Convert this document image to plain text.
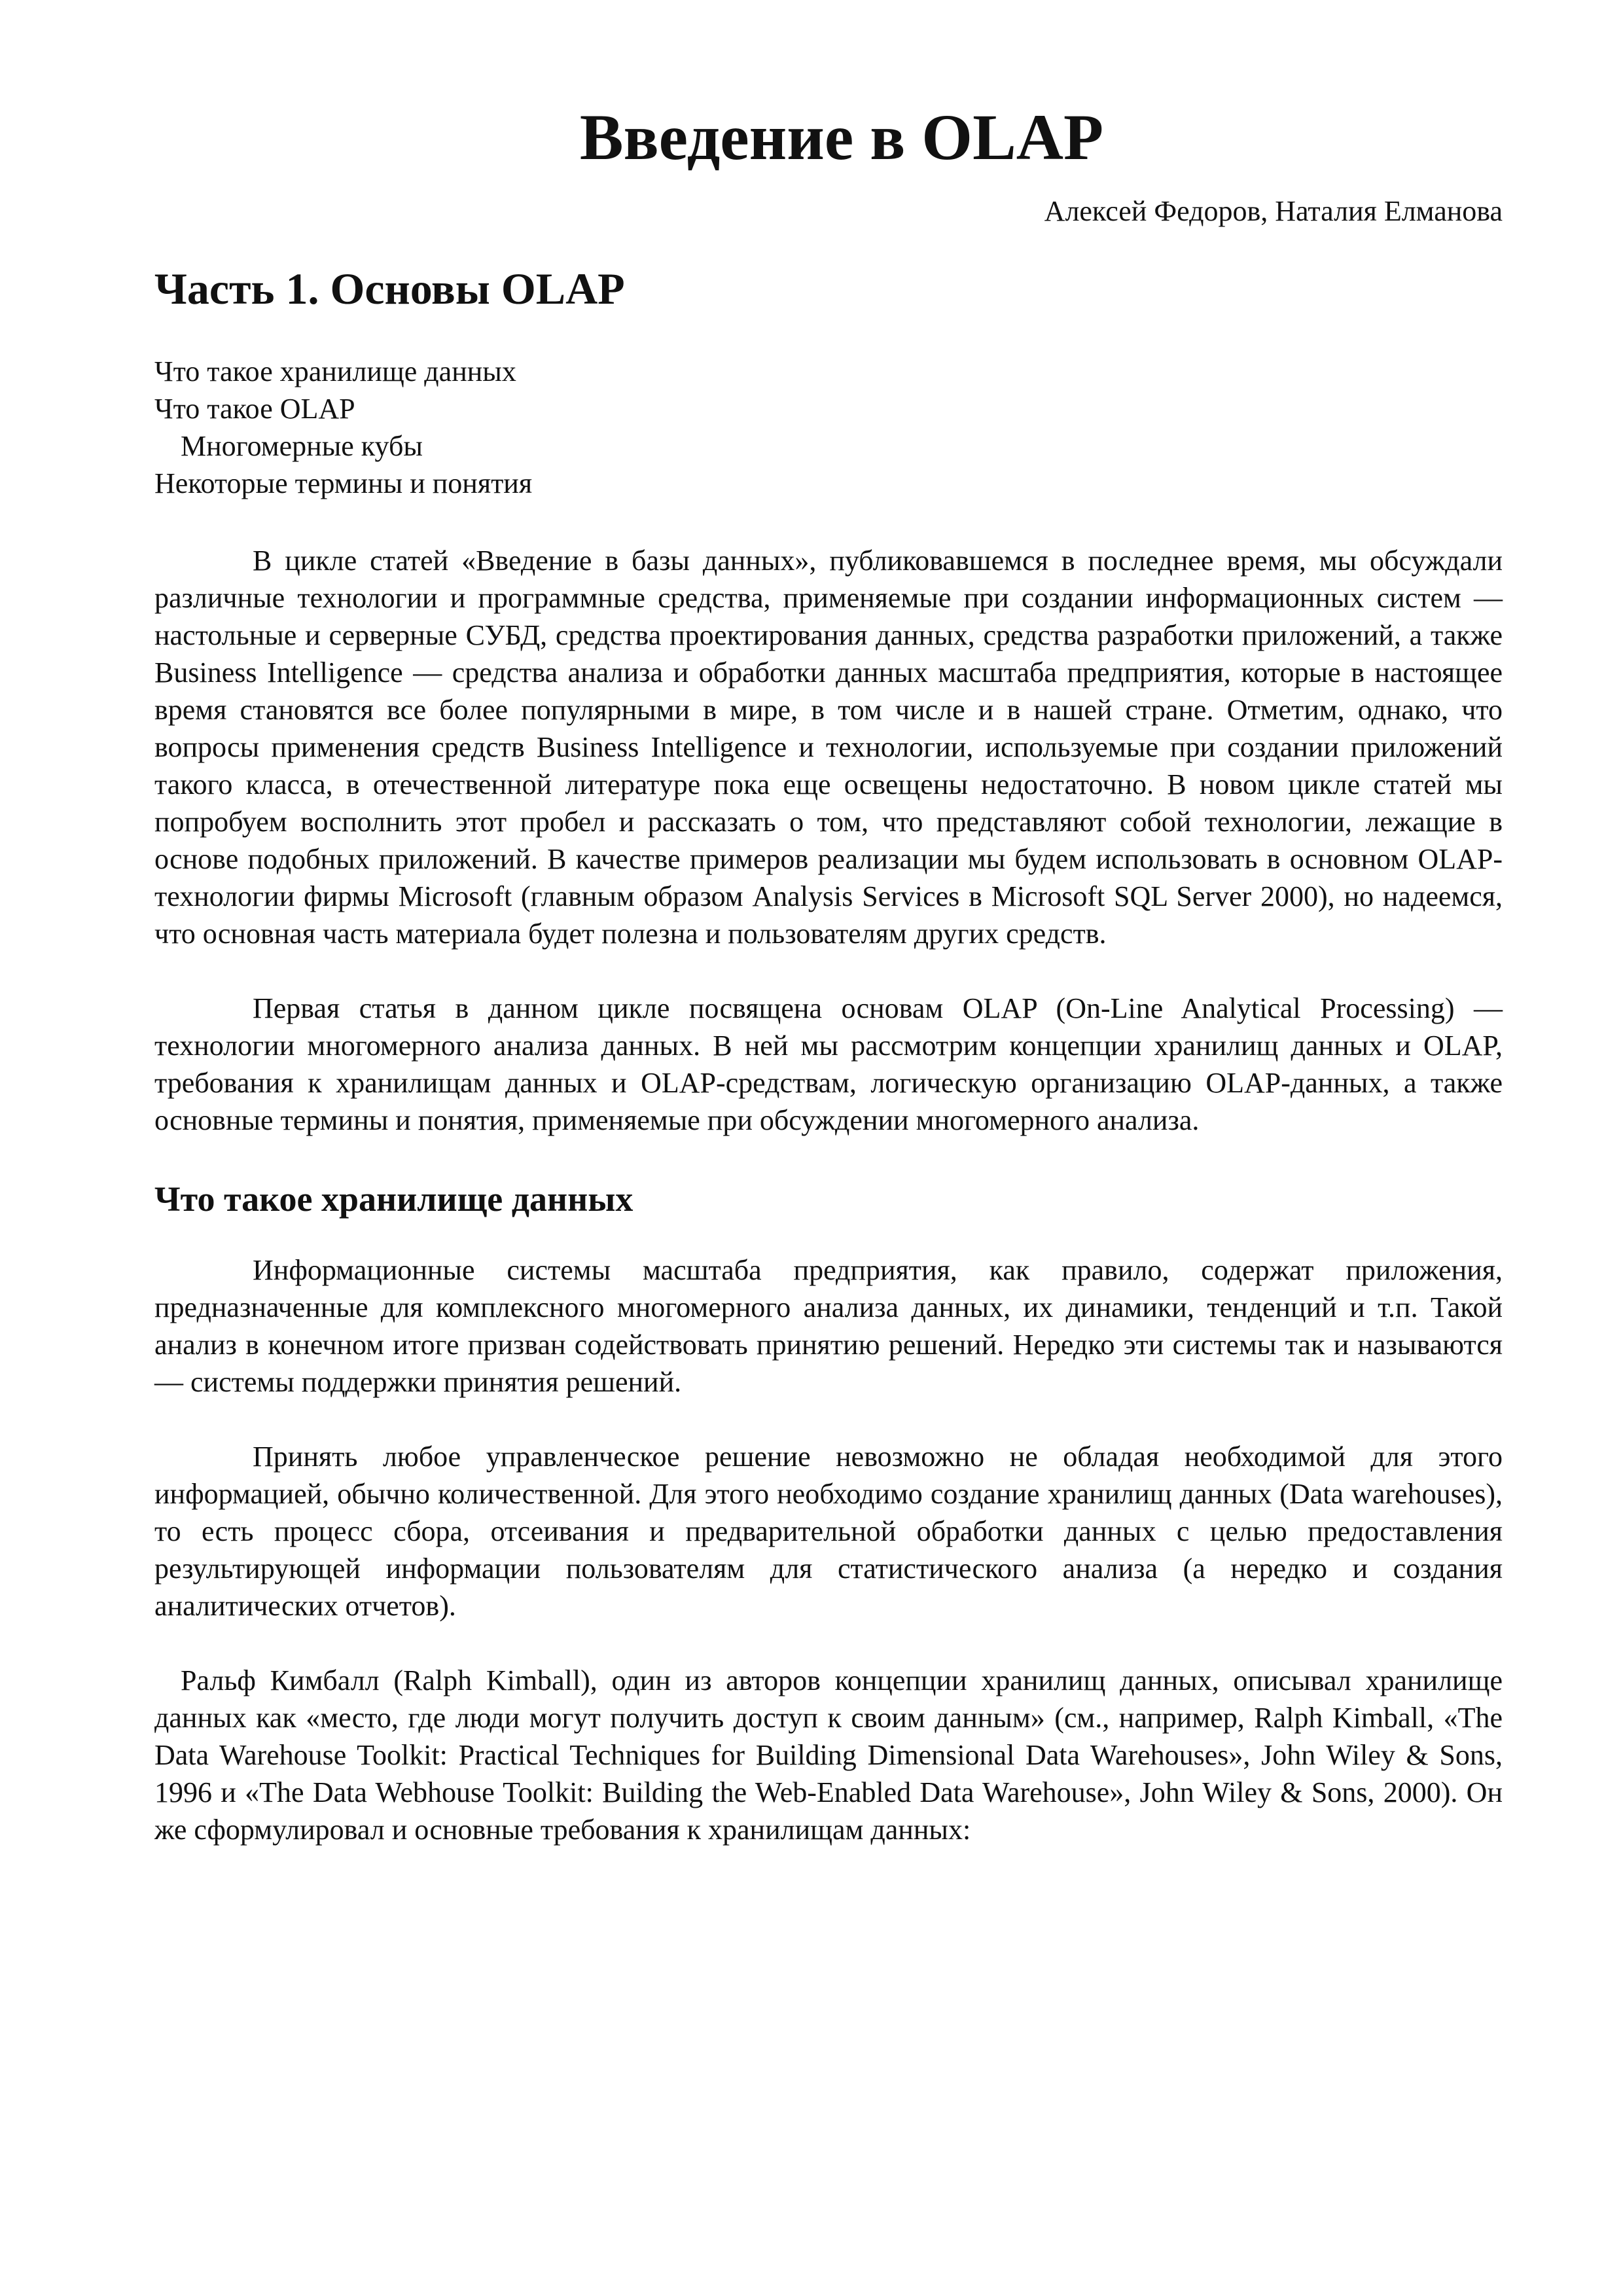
Введение в OLAP
Алексей Федоров, Наталия Елманова
Часть 1. Основы OLAP
Что такое хранилище данных
Что такое OLAP
Многомерные кубы
Некоторые термины и понятия

В цикле статей «Введение в базы данных», публиковавшемся в последнее время, мы обсуждали различные технологии и программные средства, применяемые при создании информационных систем — настольные и серверные СУБД, средства проектирования данных, средства разработки приложений, а также Business Intelligence — средства анализа и обработки данных масштаба предприятия, которые в настоящее время становятся все более популярными в мире, в том числе и в нашей стране. Отметим, однако, что вопросы применения средств Business Intelligence и технологии, используемые при создании приложений такого класса, в отечественной литературе пока еще освещены недостаточно. В новом цикле статей мы попробуем восполнить этот пробел и рассказать о том, что представляют собой технологии, лежащие в основе подобных приложений. В качестве примеров реализации мы будем использовать в основном OLAP-технологии фирмы Microsoft (главным образом Analysis Services в Microsoft SQL Server 2000), но надеемся, что основная часть материала будет полезна и пользователям других средств.

Первая статья в данном цикле посвящена основам OLAP (On-Line Analytical Processing) — технологии многомерного анализа данных. В ней мы рассмотрим концепции хранилищ данных и OLAP, требования к хранилищам данных и OLAP-средствам, логическую организацию OLAP-данных, а также основные термины и понятия, применяемые при обсуждении многомерного анализа.

Что такое хранилище данных

Информационные системы масштаба предприятия, как правило, содержат приложения, предназначенные для комплексного многомерного анализа данных, их динамики, тенденций и т.п. Такой анализ в конечном итоге призван содействовать принятию решений. Нередко эти системы так и называются — системы поддержки принятия решений.

Принять любое управленческое решение невозможно не обладая необходимой для этого информацией, обычно количественной. Для этого необходимо создание хранилищ данных (Data warehouses), то есть процесс сбора, отсеивания и предварительной обработки данных с целью предоставления результирующей информации пользователям для статистического анализа (а нередко и создания аналитических отчетов).

Ральф Кимбалл (Ralph Kimball), один из авторов концепции хранилищ данных, описывал хранилище данных как «место, где люди могут получить доступ к своим данным» (см., например, Ralph Kimball, «The Data Warehouse Toolkit: Practical Techniques for Building Dimensional Data Warehouses», John Wiley & Sons, 1996 и «The Data Webhouse Toolkit: Building the Web-Enabled Data Warehouse», John Wiley & Sons, 2000). Он же сформулировал и основные требования к хранилищам данных:
